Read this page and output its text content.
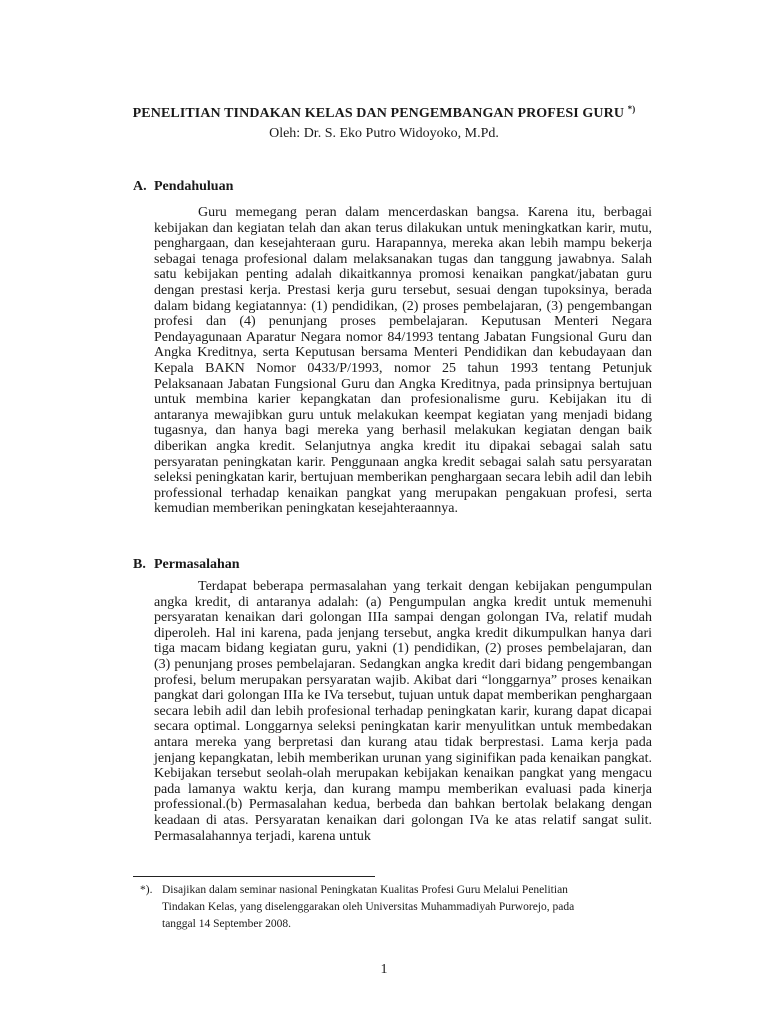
PENELITIAN TINDAKAN KELAS DAN PENGEMBANGAN PROFESI GURU *)
Oleh: Dr. S. Eko Putro Widoyoko, M.Pd.
A. Pendahuluan

Guru memegang peran dalam mencerdaskan bangsa. Karena itu, berbagai kebijakan dan kegiatan telah dan akan terus dilakukan untuk meningkatkan karir, mutu, penghargaan, dan kesejahteraan guru. Harapannya, mereka akan lebih mampu bekerja sebagai tenaga profesional dalam melaksanakan tugas dan tanggung jawabnya. Salah satu kebijakan penting adalah dikaitkannya promosi kenaikan pangkat/jabatan guru dengan prestasi kerja. Prestasi kerja guru tersebut, sesuai dengan tupoksinya, berada dalam bidang kegiatannya: (1) pendidikan, (2) proses pembelajaran, (3) pengembangan profesi dan (4) penunjang proses pembelajaran. Keputusan Menteri Negara Pendayagunaan Aparatur Negara nomor 84/1993 tentang Jabatan Fungsional Guru dan Angka Kreditnya, serta Keputusan bersama Menteri Pendidikan dan kebudayaan dan Kepala BAKN Nomor 0433/P/1993, nomor 25 tahun 1993 tentang Petunjuk Pelaksanaan Jabatan Fungsional Guru dan Angka Kreditnya, pada prinsipnya bertujuan untuk membina karier kepangkatan dan profesionalisme guru. Kebijakan itu di antaranya mewajibkan guru untuk melakukan keempat kegiatan yang menjadi bidang tugasnya, dan hanya bagi mereka yang berhasil melakukan kegiatan dengan baik diberikan angka kredit. Selanjutnya angka kredit itu dipakai sebagai salah satu persyaratan peningkatan karir. Penggunaan angka kredit sebagai salah satu persyaratan seleksi peningkatan karir, bertujuan memberikan penghargaan secara lebih adil dan lebih professional terhadap kenaikan pangkat yang merupakan pengakuan profesi, serta kemudian memberikan peningkatan kesejahteraannya.

B. Permasalahan

Terdapat beberapa permasalahan yang terkait dengan kebijakan pengumpulan angka kredit, di antaranya adalah: (a) Pengumpulan angka kredit untuk memenuhi persyaratan kenaikan dari golongan IIIa sampai dengan golongan IVa, relatif mudah diperoleh. Hal ini karena, pada jenjang tersebut, angka kredit dikumpulkan hanya dari tiga macam bidang kegiatan guru, yakni (1) pendidikan, (2) proses pembelajaran, dan (3) penunjang proses pembelajaran. Sedangkan angka kredit dari bidang pengembangan profesi, belum merupakan persyaratan wajib. Akibat dari “longgarnya” proses kenaikan pangkat dari golongan IIIa ke IVa tersebut, tujuan untuk dapat memberikan penghargaan secara lebih adil dan lebih profesional terhadap peningkatan karir, kurang dapat dicapai secara optimal. Longgarnya seleksi peningkatan karir menyulitkan untuk membedakan antara mereka yang berpretasi dan kurang atau tidak berprestasi. Lama kerja pada jenjang kepangkatan, lebih memberikan urunan yang siginifikan pada kenaikan pangkat. Kebijakan tersebut seolah-olah merupakan kebijakan kenaikan pangkat yang mengacu pada lamanya waktu kerja, dan kurang mampu memberikan evaluasi pada kinerja professional.(b) Permasalahan kedua, berbeda dan bahkan bertolak belakang dengan keadaan di atas. Persyaratan kenaikan dari golongan IVa ke atas relatif sangat sulit. Permasalahannya terjadi, karena untuk

*). Disajikan dalam seminar nasional Peningkatan Kualitas Profesi Guru Melalui Penelitian
Tindakan Kelas, yang diselenggarakan oleh Universitas Muhammadiyah Purworejo, pada
tanggal 14 September 2008.
1
